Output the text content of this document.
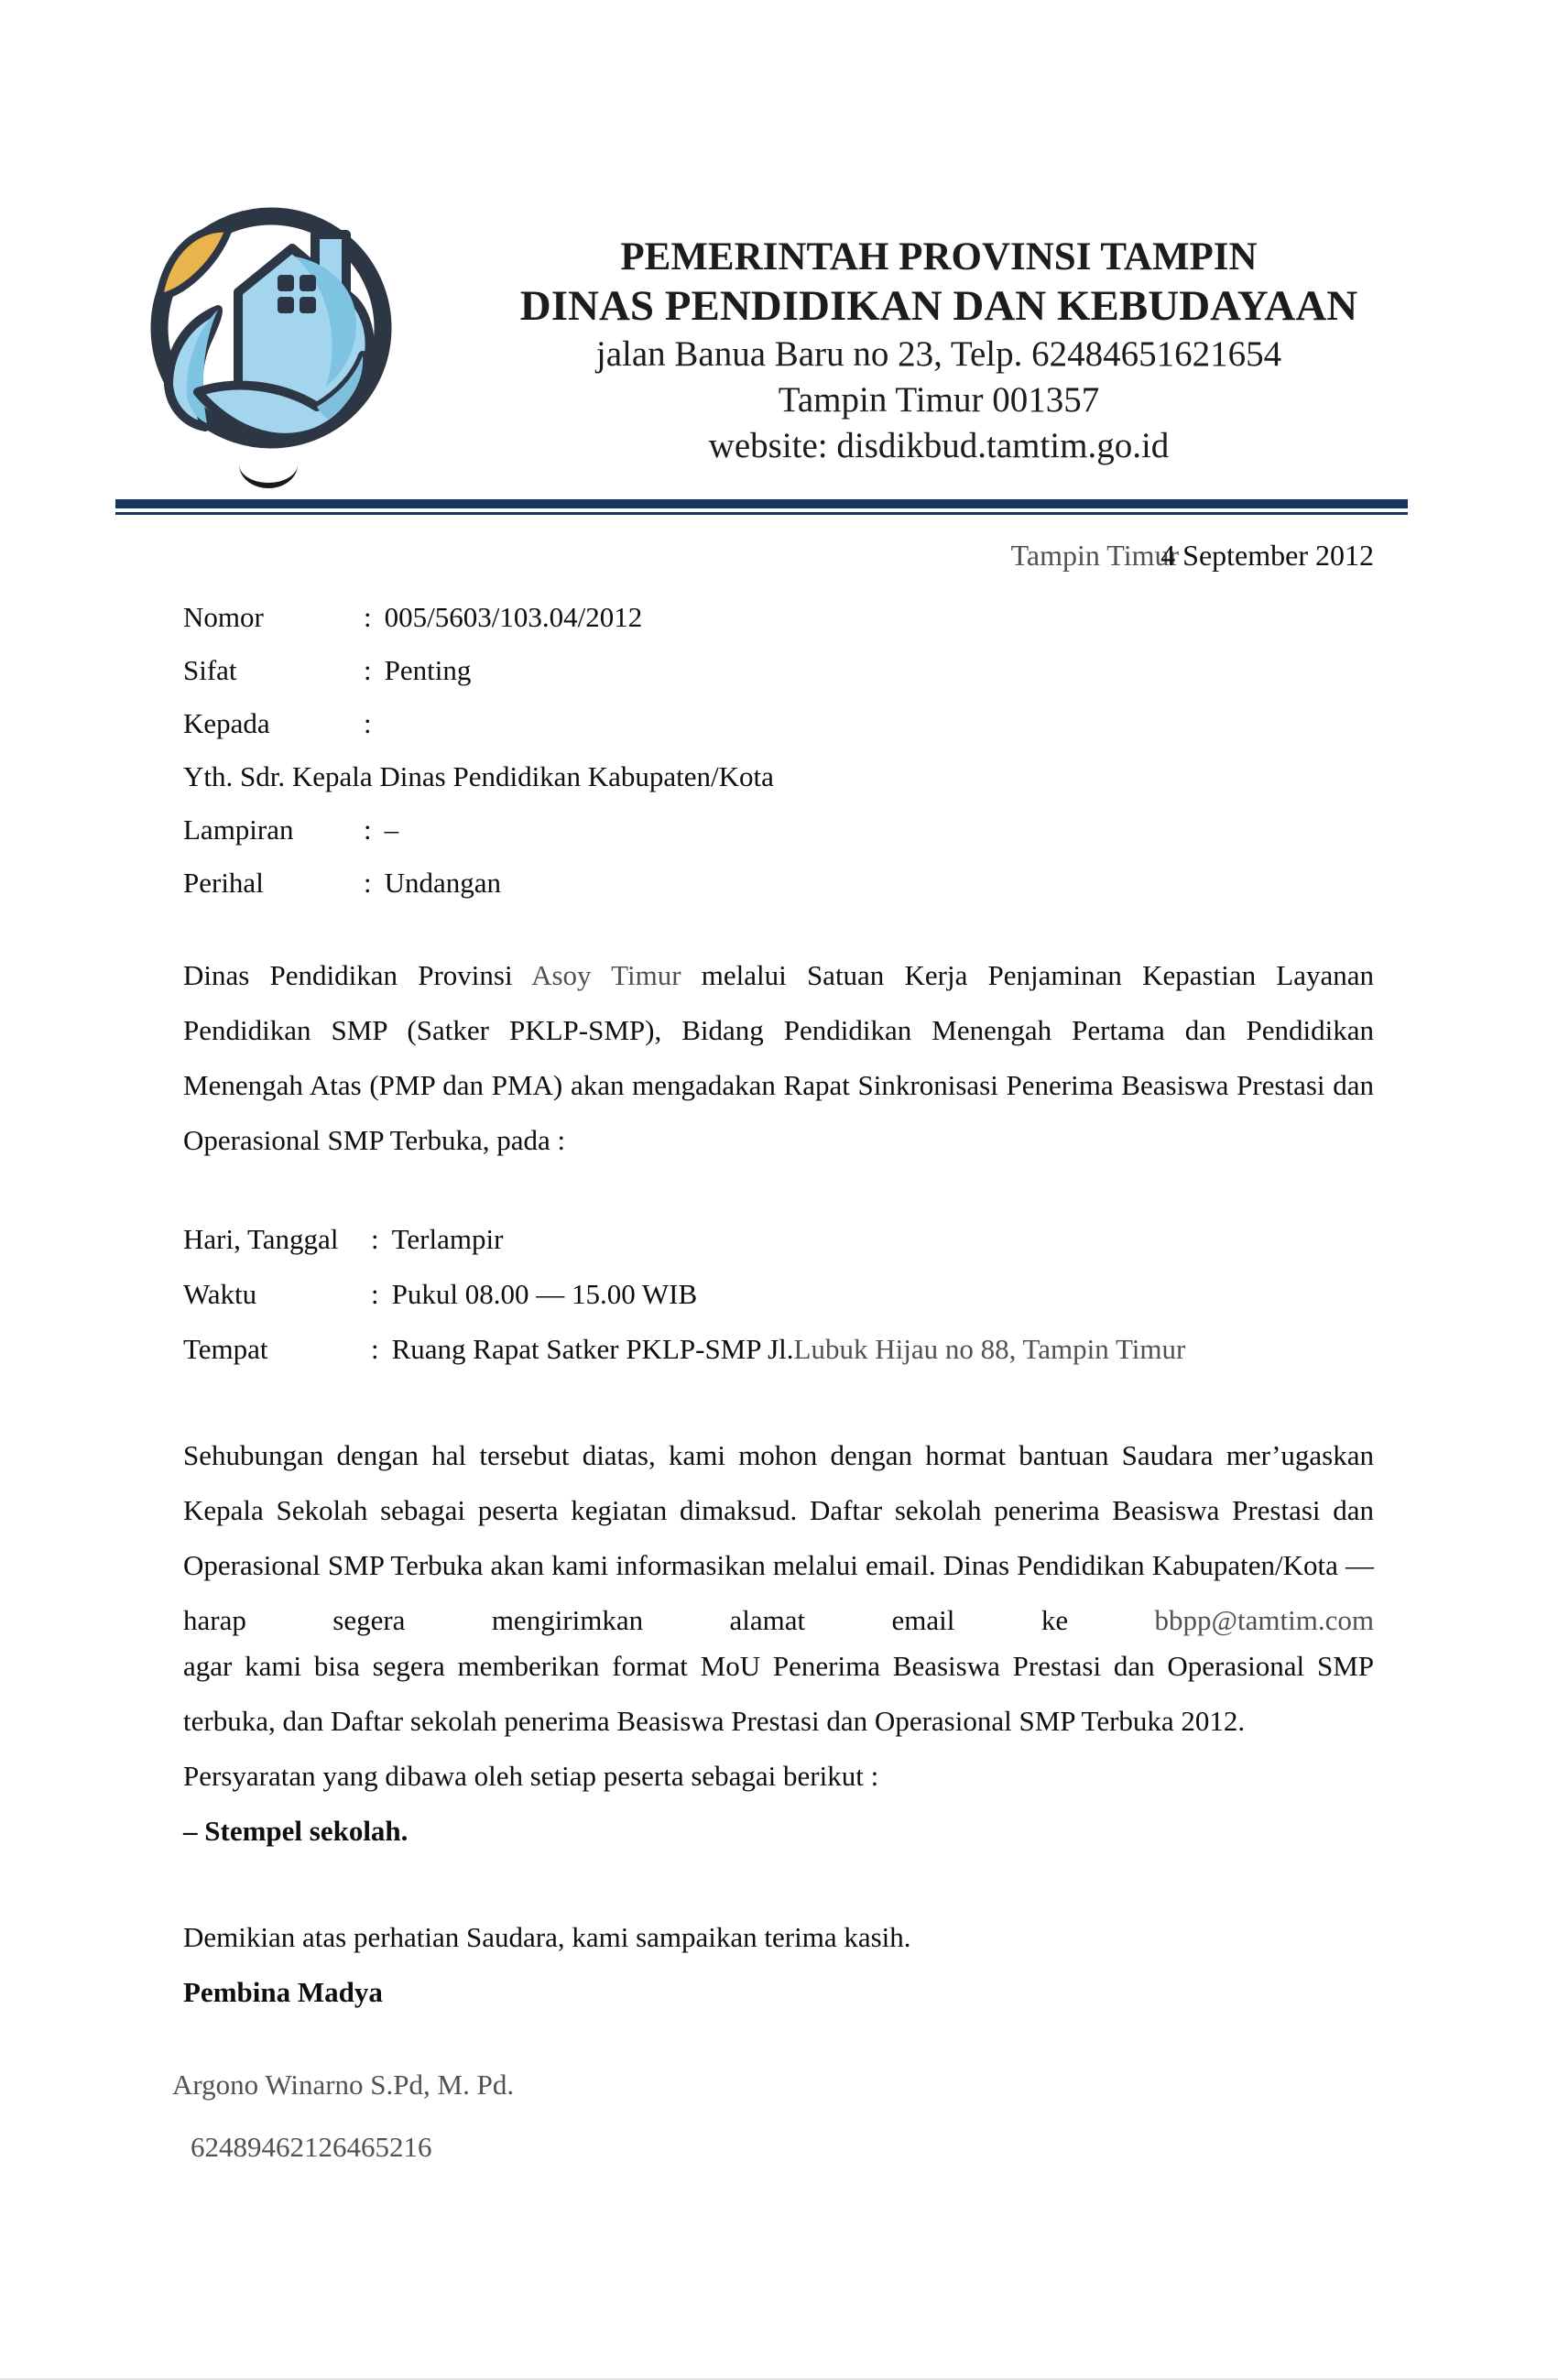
PEMERINTAH PROVINSI TAMPIN
DINAS PENDIDIKAN DAN KEBUDAYAAN
jalan Banua Baru no 23, Telp. 62484651621654
Tampin Timur 001357
website: disdikbud.tamtim.go.id
Tampin Timur4 September 2012
Nomor	: 005/5603/103.04/2012
Sifat	: Penting
Kepada	:
Yth. Sdr. Kepala Dinas Pendidikan Kabupaten/Kota
Lampiran	: –
Perihal	: Undangan
Dinas Pendidikan Provinsi Asoy Timur melalui Satuan Kerja Penjaminan Kepastian Layanan Pendidikan SMP (Satker PKLP-SMP), Bidang Pendidikan Menengah Pertama dan Pendidikan Menengah Atas (PMP dan PMA) akan mengadakan Rapat Sinkronisasi Penerima Beasiswa Prestasi dan Operasional SMP Terbuka, pada :
Hari, Tanggal	: Terlampir
Waktu	: Pukul 08.00 — 15.00 WIB
Tempat	: Ruang Rapat Satker PKLP-SMP Jl.Lubuk Hijau no 88, Tampin Timur
Sehubungan dengan hal tersebut diatas, kami mohon dengan hormat bantuan Saudara mer’ugaskan Kepala Sekolah sebagai peserta kegiatan dimaksud. Daftar sekolah penerima Beasiswa Prestasi dan Operasional SMP Terbuka akan kami informasikan melalui email. Dinas Pendidikan Kabupaten/Kota — harap segera mengirimkan alamat email ke bbpp@tamtim.com
agar kami bisa segera memberikan format MoU Penerima Beasiswa Prestasi dan Operasional SMP terbuka, dan Daftar sekolah penerima Beasiswa Prestasi dan Operasional SMP Terbuka 2012.
Persyaratan yang dibawa oleh setiap peserta sebagai berikut :
– Stempel sekolah.
Demikian atas perhatian Saudara, kami sampaikan terima kasih.
Pembina Madya
Argono Winarno S.Pd, M. Pd.
62489462126465216
